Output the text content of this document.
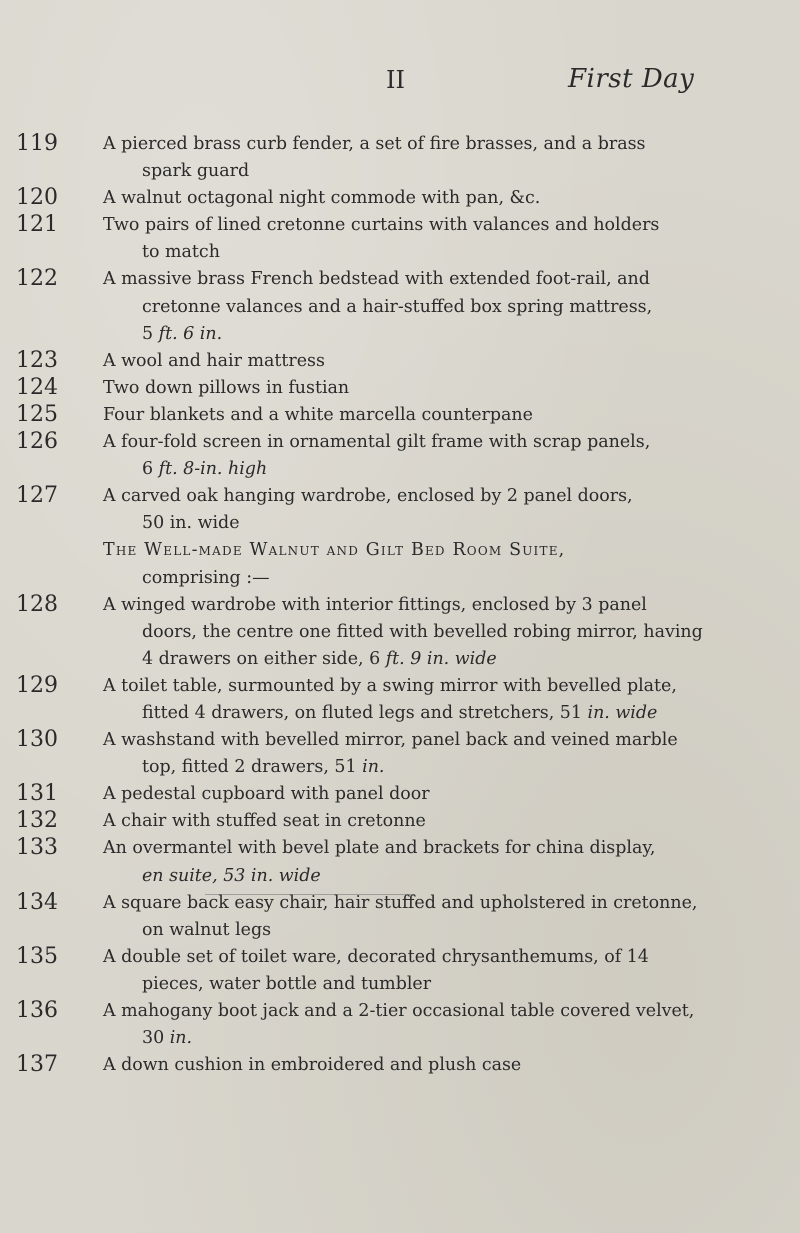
II	First Day
119	A pierced brass curb fender, a set of fire brasses, and a brass
spark guard
120	A walnut octagonal night commode with pan, &c.
121	Two pairs of lined cretonne curtains with valances and holders
to match
122	A massive brass French bedstead with extended foot-rail, and
cretonne valances and a hair-stuffed box spring mattress,
5 ft. 6 in.
123	A wool and hair mattress
124	Two down pillows in fustian
125	Four blankets and a white marcella counterpane
126	A four-fold screen in ornamental gilt frame with scrap panels,
6 ft. 8-in. high
127	A carved oak hanging wardrobe, enclosed by 2 panel doors,
50 in. wide
The Well-made Walnut and Gilt Bed Room Suite,
comprising :—
128	A winged wardrobe with interior fittings, enclosed by 3 panel
doors, the centre one fitted with bevelled robing mirror, having
4 drawers on either side, 6 ft. 9 in. wide
129	A toilet table, surmounted by a swing mirror with bevelled plate,
fitted 4 drawers, on fluted legs and stretchers, 51 in. wide
130	A washstand with bevelled mirror, panel back and veined marble
top, fitted 2 drawers, 51 in.
131	A pedestal cupboard with panel door
132	A chair with stuffed seat in cretonne
133	An overmantel with bevel plate and brackets for china display,
en suite, 53 in. wide
134	A square back easy chair, hair stuffed and upholstered in cretonne,
on walnut legs
135	A double set of toilet ware, decorated chrysanthemums, of 14
pieces, water bottle and tumbler
136	A mahogany boot jack and a 2-tier occasional table covered velvet,
30 in.
137	A down cushion in embroidered and plush case
